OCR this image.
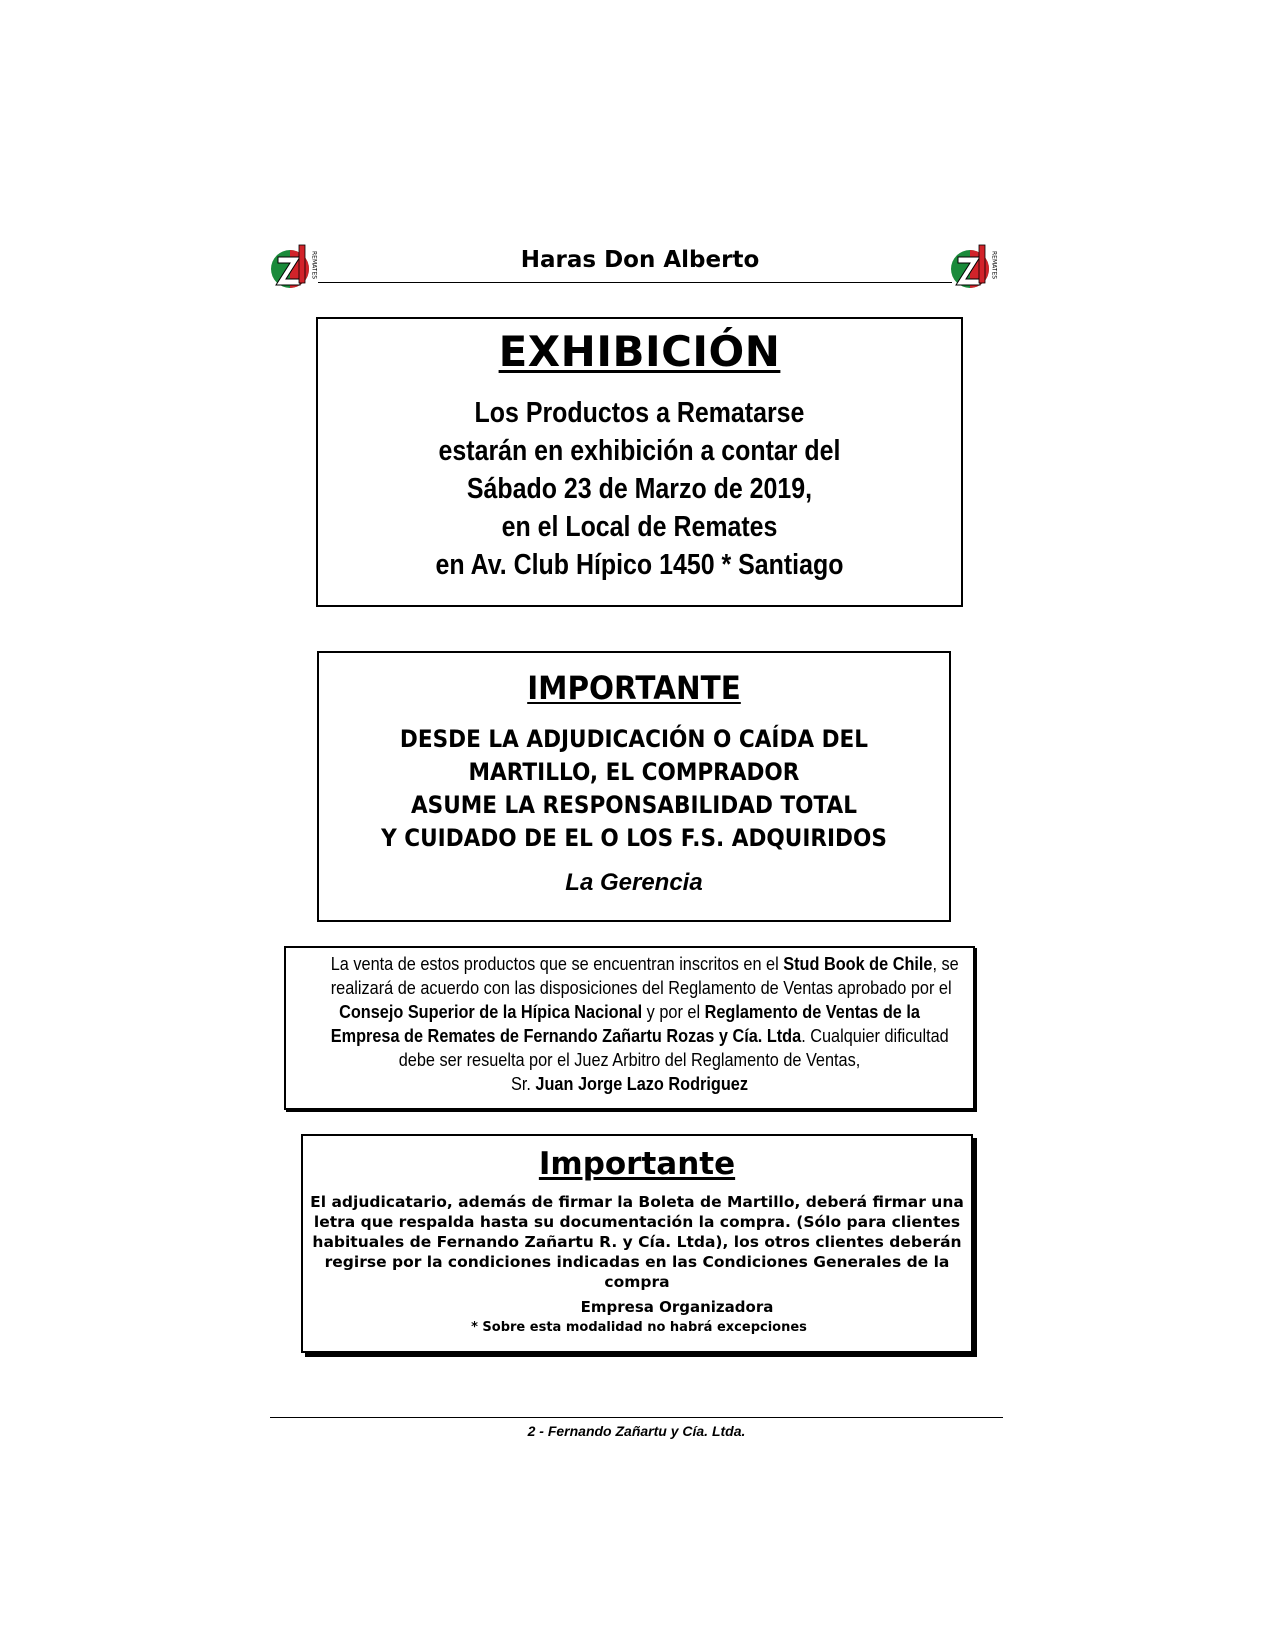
REMATES	Haras Don Alberto	REMATES
EXHIBICIÓN
Los Productos a Rematarse
estarán en exhibición a contar del
Sábado 23 de Marzo de 2019,
en el Local de Remates
en Av. Club Hípico 1450 * Santiago
IMPORTANTE
DESDE LA ADJUDICACIÓN O CAÍDA DEL
MARTILLO, EL COMPRADOR
ASUME LA RESPONSABILIDAD TOTAL
Y CUIDADO DE EL O LOS F.S. ADQUIRIDOS
La Gerencia
La venta de estos productos que se encuentran inscritos en el Stud Book de Chile, se
realizará de acuerdo con las disposiciones del Reglamento de Ventas aprobado por el
Consejo Superior de la Hípica Nacional y por el Reglamento de Ventas de la
Empresa de Remates de Fernando Zañartu Rozas y Cía. Ltda. Cualquier dificultad
debe ser resuelta por el Juez Arbitro del Reglamento de Ventas,
Sr. Juan Jorge Lazo Rodriguez
Importante
El adjudicatario, además de firmar la Boleta de Martillo, deberá firmar una
letra que respalda hasta su documentación la compra. (Sólo para clientes
habituales de Fernando Zañartu R. y Cía. Ltda), los otros clientes deberán
regirse por la condiciones indicadas en las Condiciones Generales de la
compra
Empresa Organizadora
* Sobre esta modalidad no habrá excepciones
2 - Fernando Zañartu y Cía. Ltda.
